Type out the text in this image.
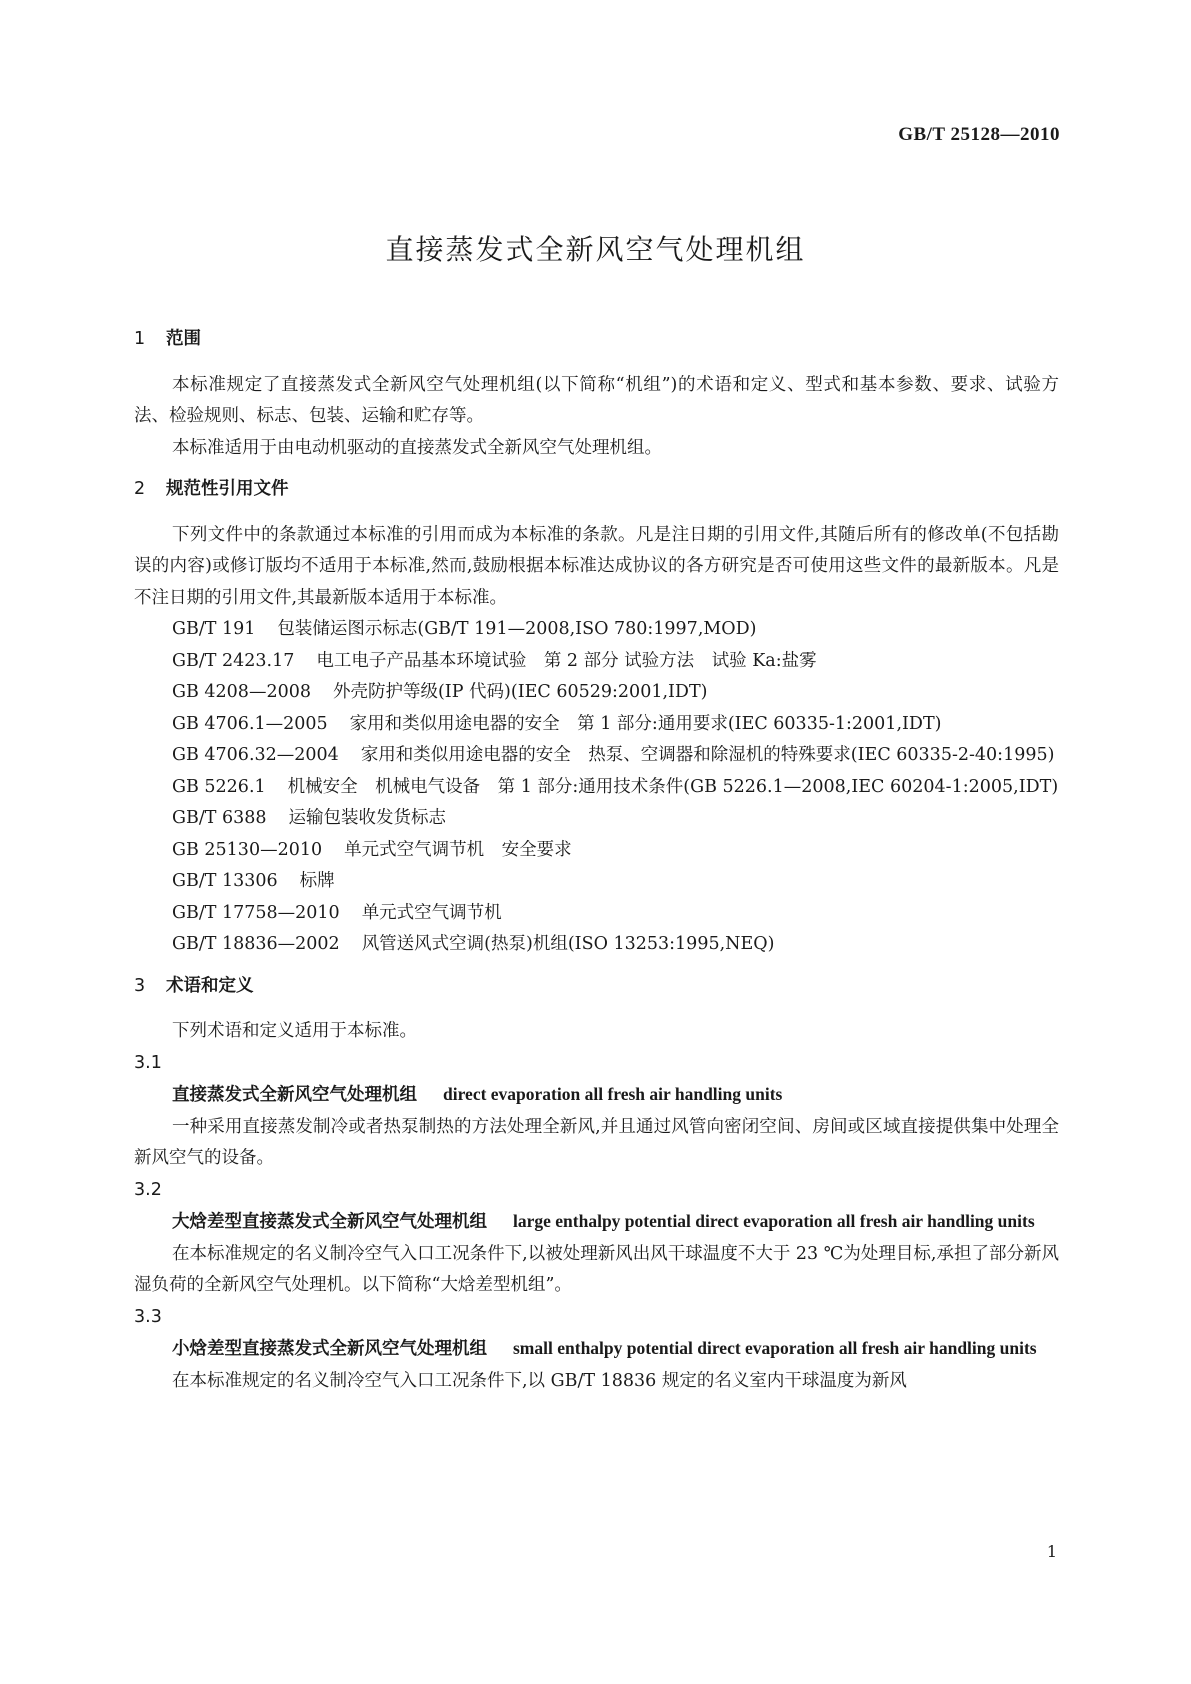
GB/T 25128—2010
直接蒸发式全新风空气处理机组
1 范围

本标准规定了直接蒸发式全新风空气处理机组(以下简称“机组”)的术语和定义、型式和基本参数、要求、试验方法、检验规则、标志、包装、运输和贮存等。

本标准适用于由电动机驱动的直接蒸发式全新风空气处理机组。

2 规范性引用文件

下列文件中的条款通过本标准的引用而成为本标准的条款。凡是注日期的引用文件,其随后所有的修改单(不包括勘误的内容)或修订版均不适用于本标准,然而,鼓励根据本标准达成协议的各方研究是否可使用这些文件的最新版本。凡是不注日期的引用文件,其最新版本适用于本标准。

GB/T 191 包装储运图示标志(GB/T 191—2008,ISO 780:1997,MOD)

GB/T 2423.17 电工电子产品基本环境试验　第 2 部分 试验方法　试验 Ka:盐雾

GB 4208—2008 外壳防护等级(IP 代码)(IEC 60529:2001,IDT)

GB 4706.1—2005 家用和类似用途电器的安全　第 1 部分:通用要求(IEC 60335-1:2001,IDT)

GB 4706.32—2004 家用和类似用途电器的安全　热泵、空调器和除湿机的特殊要求(IEC 60335-2-40:1995)

GB 5226.1 机械安全　机械电气设备　第 1 部分:通用技术条件(GB 5226.1—2008,IEC 60204-1:2005,IDT)

GB/T 6388 运输包装收发货标志

GB 25130—2010 单元式空气调节机　安全要求

GB/T 13306 标牌

GB/T 17758—2010 单元式空气调节机

GB/T 18836—2002 风管送风式空调(热泵)机组(ISO 13253:1995,NEQ)

3 术语和定义

下列术语和定义适用于本标准。

3.1

直接蒸发式全新风空气处理机组 direct evaporation all fresh air handling units

一种采用直接蒸发制冷或者热泵制热的方法处理全新风,并且通过风管向密闭空间、房间或区域直接提供集中处理全新风空气的设备。

3.2

大焓差型直接蒸发式全新风空气处理机组 large enthalpy potential direct evaporation all fresh air handling units

在本标准规定的名义制冷空气入口工况条件下,以被处理新风出风干球温度不大于 23 ℃为处理目标,承担了部分新风湿负荷的全新风空气处理机。以下简称“大焓差型机组”。

3.3

小焓差型直接蒸发式全新风空气处理机组 small enthalpy potential direct evaporation all fresh air handling units

在本标准规定的名义制冷空气入口工况条件下,以 GB/T 18836 规定的名义室内干球温度为新风

1
